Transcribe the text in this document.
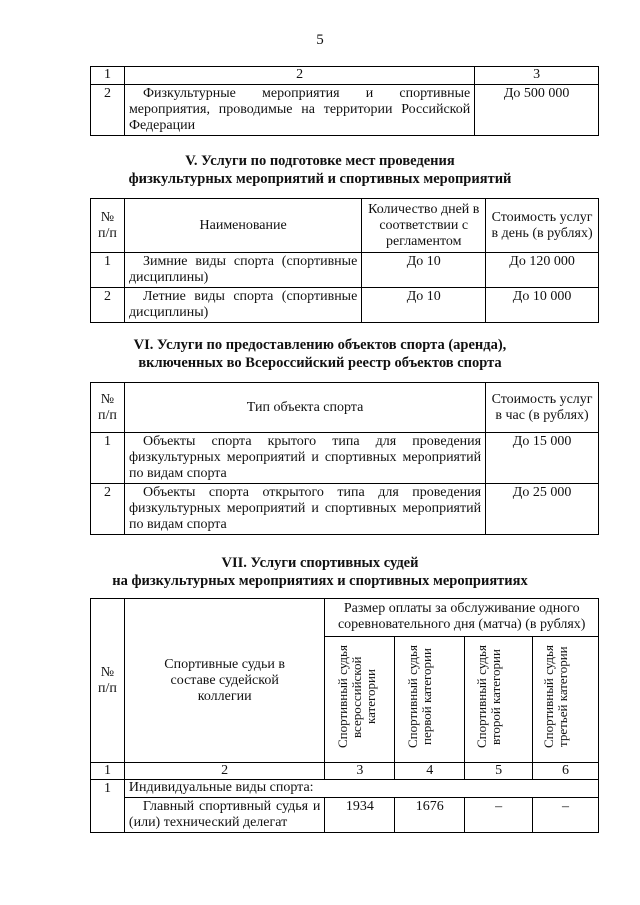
5
1	2	3
2	Физкультурные мероприятия и спортивные мероприятия, проводимые на территории Российской Федерации	До 500 000
V. Услуги по подготовке мест проведения
физкультурных мероприятий и спортивных мероприятий
№ п/п	Наименование	Количество дней в соответствии с регламентом	Стоимость услуг в день (в рублях)
1	Зимние виды спорта (спортивные дисциплины)	До 10	До 120 000
2	Летние виды спорта (спортивные дисциплины)	До 10	До 10 000
VI. Услуги по предоставлению объектов спорта (аренда),
включенных во Всероссийский реестр объектов спорта
№ п/п	Тип объекта спорта	Стоимость услуг в час (в рублях)
1	Объекты спорта крытого типа для проведения физкультурных мероприятий и спортивных мероприятий по видам спорта	До 15 000
2	Объекты спорта открытого типа для проведения физкультурных мероприятий и спортивных мероприятий по видам спорта	До 25 000
VII. Услуги спортивных судей
на физкультурных мероприятиях и спортивных мероприятиях
№ п/п	Спортивные судьи в составе судейской коллегии	Размер оплаты за обслуживание одного соревновательного дня (матча) (в рублях)			
		Спортивный судья всероссийской категории	Спортивный судья первой категории	Спортивный судья второй категории	Спортивный судья третьей категории
1	2	3	4	5	6
1	Индивидуальные виды спорта:				
	Главный спортивный судья и (или) технический делегат	1934	1676	–	–
